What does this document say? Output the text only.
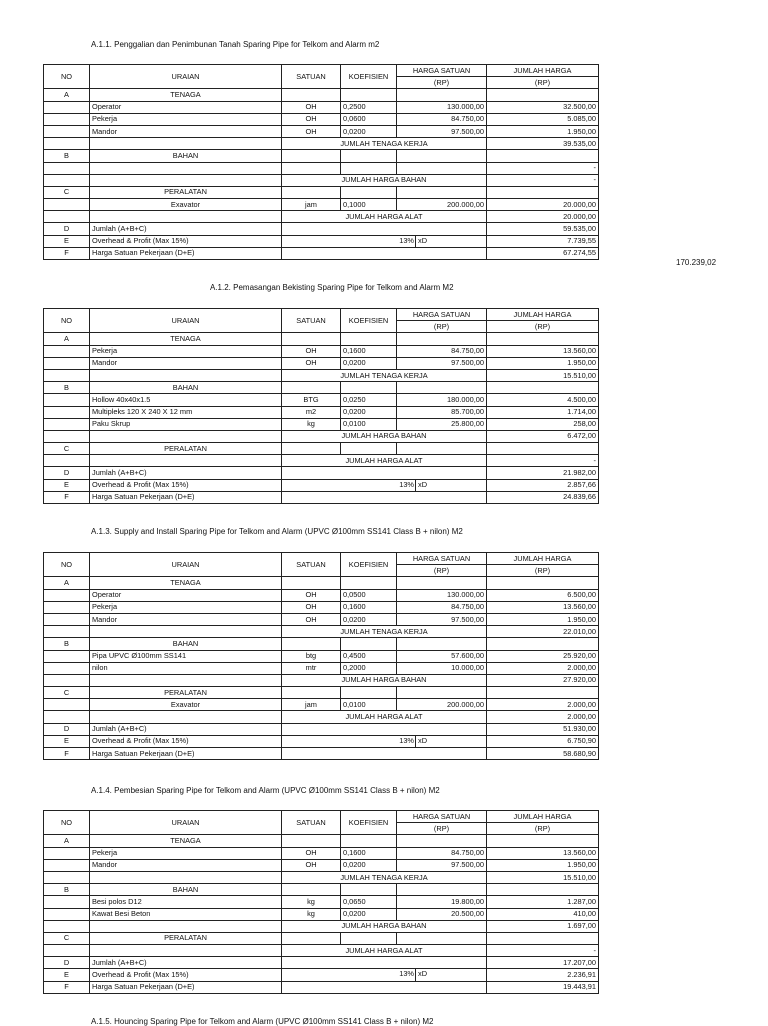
A.1.1. Penggalian dan Penimbunan Tanah Sparing Pipe for Telkom and Alarm m2
NO	URAIAN	SATUAN	KOEFISIEN	HARGA SATUAN	JUMLAH HARGA
				(RP)	(RP)
A	TENAGA				
	Operator	OH	0,2500	130.000,00	32.500,00
	Pekerja	OH	0,0600	84.750,00	5.085,00
	Mandor	OH	0,0200	97.500,00	1.950,00
		JUMLAH TENAGA KERJA			39.535,00
B	BAHAN				
					-
		JUMLAH HARGA BAHAN			-
C	PERALATAN				
	Exavator	jam	0,1000	200.000,00	20.000,00
		JUMLAH HARGA ALAT			20.000,00
D	Jumlah (A+B+C)				59.535,00
E	Overhead & Profit (Max 15%)	13% xD			7.739,55
F	Harga Satuan Pekerjaan (D+E)				67.274,55
170.239,02
A.1.2. Pemasangan Bekisting Sparing Pipe for Telkom and Alarm M2
NO	URAIAN	SATUAN	KOEFISIEN	HARGA SATUAN	JUMLAH HARGA
				(RP)	(RP)
A	TENAGA				
	Pekerja	OH	0,1600	84.750,00	13.560,00
	Mandor	OH	0,0200	97.500,00	1.950,00
		JUMLAH TENAGA KERJA			15.510,00
B	BAHAN				
	Hollow 40x40x1.5	BTG	0,0250	180.000,00	4.500,00
	Multipleks 120 X 240 X 12 mm	m2	0,0200	85.700,00	1.714,00
	Paku Skrup	kg	0,0100	25.800,00	258,00
		JUMLAH HARGA BAHAN			6.472,00
C	PERALATAN				
		JUMLAH HARGA ALAT			-
D	Jumlah (A+B+C)				21.982,00
E	Overhead & Profit (Max 15%)	13% xD			2.857,66
F	Harga Satuan Pekerjaan (D+E)				24.839,66
A.1.3. Supply and Install Sparing Pipe for Telkom and Alarm (UPVC Ø100mm SS141 Class B + nilon) M2
NO	URAIAN	SATUAN	KOEFISIEN	HARGA SATUAN	JUMLAH HARGA
				(RP)	(RP)
A	TENAGA				
	Operator	OH	0,0500	130.000,00	6.500,00
	Pekerja	OH	0,1600	84.750,00	13.560,00
	Mandor	OH	0,0200	97.500,00	1.950,00
		JUMLAH TENAGA KERJA			22.010,00
B	BAHAN				
	Pipa UPVC Ø100mm SS141	btg	0,4500	57.600,00	25.920,00
	nilon	mtr	0,2000	10.000,00	2.000,00
		JUMLAH HARGA BAHAN			27.920,00
C	PERALATAN				
	Exavator	jam	0,0100	200.000,00	2.000,00
		JUMLAH HARGA ALAT			2.000,00
D	Jumlah (A+B+C)				51.930,00
E	Overhead & Profit (Max 15%)	13% xD			6.750,90
F	Harga Satuan Pekerjaan (D+E)				58.680,90
A.1.4. Pembesian Sparing Pipe for Telkom and Alarm (UPVC Ø100mm SS141 Class B + nilon) M2
NO	URAIAN	SATUAN	KOEFISIEN	HARGA SATUAN	JUMLAH HARGA
				(RP)	(RP)
A	TENAGA				
	Pekerja	OH	0,1600	84.750,00	13.560,00
	Mandor	OH	0,0200	97.500,00	1.950,00
		JUMLAH TENAGA KERJA			15.510,00
B	BAHAN				
	Besi polos D12	kg	0,0650	19.800,00	1.287,00
	Kawat Besi Beton	kg	0,0200	20.500,00	410,00
		JUMLAH HARGA BAHAN			1.697,00
C	PERALATAN				
		JUMLAH HARGA ALAT			-
D	Jumlah (A+B+C)				17.207,00
E	Overhead & Profit (Max 15%)	13% xD			2.236,91
F	Harga Satuan Pekerjaan (D+E)				19.443,91
A.1.5. Houncing Sparing Pipe for Telkom and Alarm (UPVC Ø100mm SS141 Class B + nilon) M2
